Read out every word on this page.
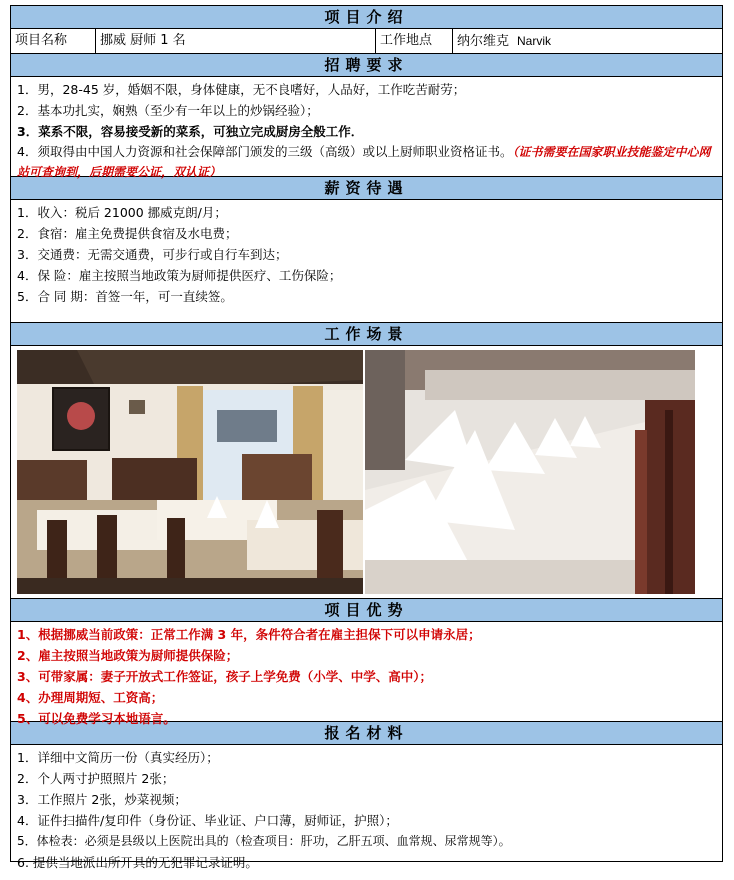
项目介绍
项目名称	挪威 厨师 1 名	工作地点	纳尔维克 Narvik
招聘要求
1．男，28-45 岁，婚姻不限，身体健康，无不良嗜好，人品好，工作吃苦耐劳；
2．基本功扎实，娴熟（至少有一年以上的炒锅经验）；
3．菜系不限，容易接受新的菜系，可独立完成厨房全般工作．
4．须取得由中国人力资源和社会保障部门颁发的三级（高级）或以上厨师职业资格证书。（证书需要在国家职业技能鉴定中心网站可查询到，后期需要公证，双认证）
薪资待遇
1．收入：税后 21000 挪威克朗/月；
2．食宿：雇主免费提供食宿及水电费；
3．交通费：无需交通费，可步行或自行车到达；
4．保 险：雇主按照当地政策为厨师提供医疗、工伤保险；
5．合 同 期：首签一年，可一直续签。
工作场景
项目优势
1、根据挪威当前政策：正常工作满 3 年，条件符合者在雇主担保下可以申请永居；
2、雇主按照当地政策为厨师提供保险；
3、可带家属：妻子开放式工作签证，孩子上学免费（小学、中学、高中）；
4、办理周期短、工资高；
5、可以免费学习本地语言。
报名材料
1．详细中文简历一份（真实经历）；
2．个人两寸护照照片 2张；
3．工作照片 2张，炒菜视频；
4．证件扫描件/复印件（身份证、毕业证、户口薄，厨师证，护照）；
5．体检表：必须是县级以上医院出具的（检查项目：肝功，乙肝五项、血常规、尿常规等）。
6. 提供当地派出所开具的无犯罪记录证明。
